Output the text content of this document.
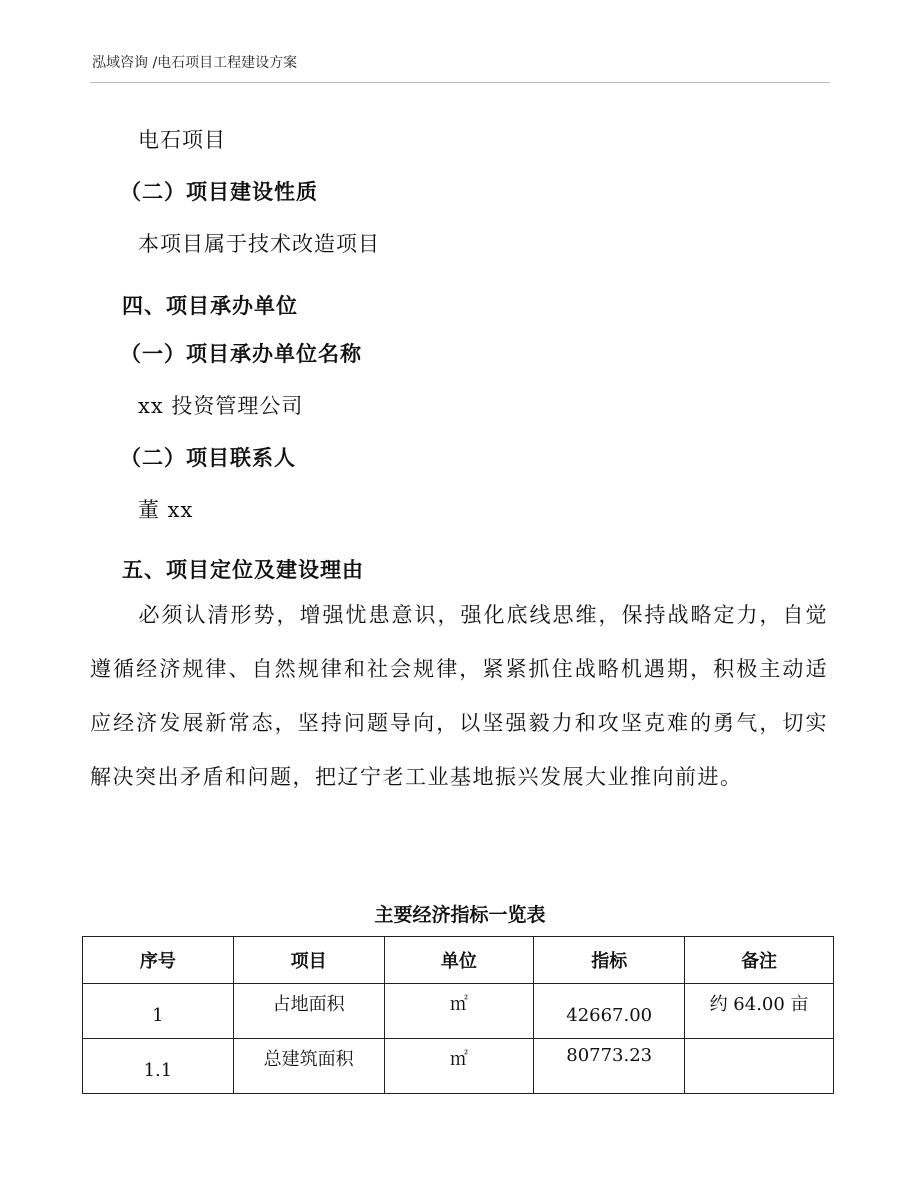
泓域咨询 /电石项目工程建设方案
电石项目
（二）项目建设性质
本项目属于技术改造项目
四、项目承办单位
（一）项目承办单位名称
xx 投资管理公司
（二）项目联系人
董 xx
五、项目定位及建设理由
必须认清形势，增强忧患意识，强化底线思维，保持战略定力，自觉遵循经济规律、自然规律和社会规律，紧紧抓住战略机遇期，积极主动适应经济发展新常态，坚持问题导向，以坚强毅力和攻坚克难的勇气，切实解决突出矛盾和问题，把辽宁老工业基地振兴发展大业推向前进。
主要经济指标一览表
序号	项目	单位	指标	备注
1	占地面积	㎡	42667.00	约 64.00 亩
1.1	总建筑面积	㎡	80773.23	
